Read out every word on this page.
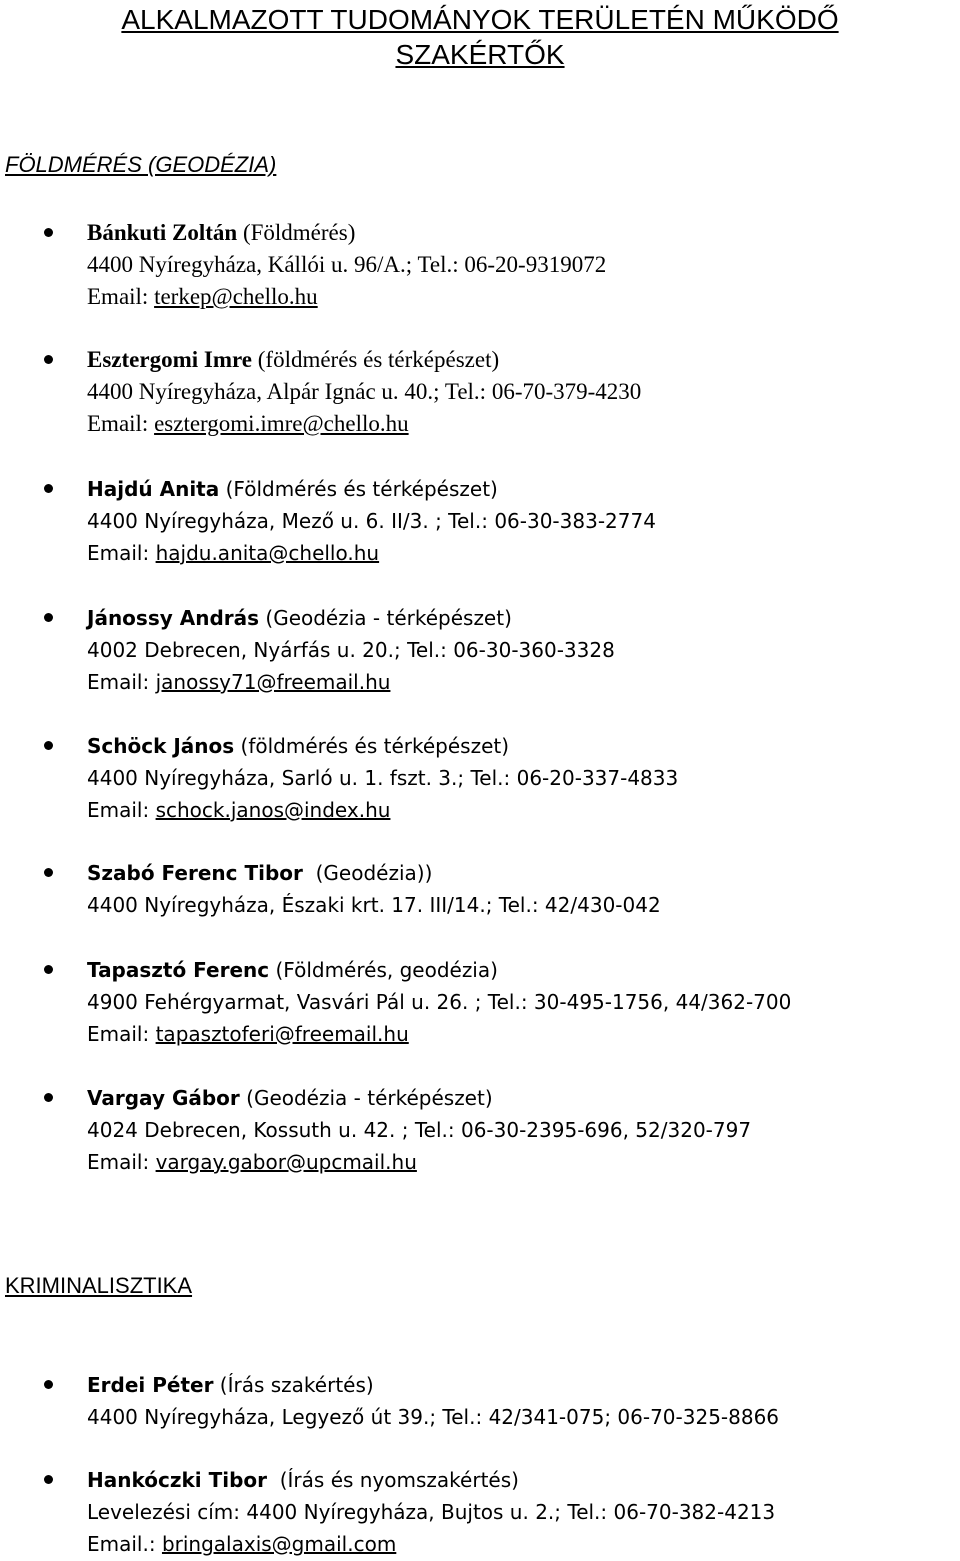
ALKALMAZOTT TUDOMÁNYOK TERÜLETÉN MŰKÖDŐ
SZAKÉRTŐK
FÖLDMÉRÉS (GEODÉZIA)
Bánkuti Zoltán (Földmérés)
4400 Nyíregyháza, Kállói u. 96/A.; Tel.: 06-20-9319072
Email: terkep@chello.hu
Esztergomi Imre (földmérés és térképészet)
4400 Nyíregyháza, Alpár Ignác u. 40.; Tel.: 06-70-379-4230
Email: esztergomi.imre@chello.hu
Hajdú Anita (Földmérés és térképészet)
4400 Nyíregyháza, Mező u. 6. II/3. ; Tel.: 06-30-383-2774
Email: hajdu.anita@chello.hu
Jánossy András (Geodézia - térképészet)
4002 Debrecen, Nyárfás u. 20.; Tel.: 06-30-360-3328
Email: janossy71@freemail.hu
Schöck János (földmérés és térképészet)
4400 Nyíregyháza, Sarló u. 1. fszt. 3.; Tel.: 06-20-337-4833
Email: schock.janos@index.hu
Szabó Ferenc Tibor (Geodézia))
4400 Nyíregyháza, Északi krt. 17. III/14.; Tel.: 42/430-042
Tapasztó Ferenc (Földmérés, geodézia)
4900 Fehérgyarmat, Vasvári Pál u. 26. ; Tel.: 30-495-1756, 44/362-700
Email: tapasztoferi@freemail.hu
Vargay Gábor (Geodézia - térképészet)
4024 Debrecen, Kossuth u. 42. ; Tel.: 06-30-2395-696, 52/320-797
Email: vargay.gabor@upcmail.hu
KRIMINALISZTIKA
Erdei Péter (Írás szakértés)
4400 Nyíregyháza, Legyező út 39.; Tel.: 42/341-075; 06-70-325-8866
Hankóczki Tibor (Írás és nyomszakértés)
Levelezési cím: 4400 Nyíregyháza, Bujtos u. 2.; Tel.: 06-70-382-4213
Email.: bringalaxis@gmail.com
